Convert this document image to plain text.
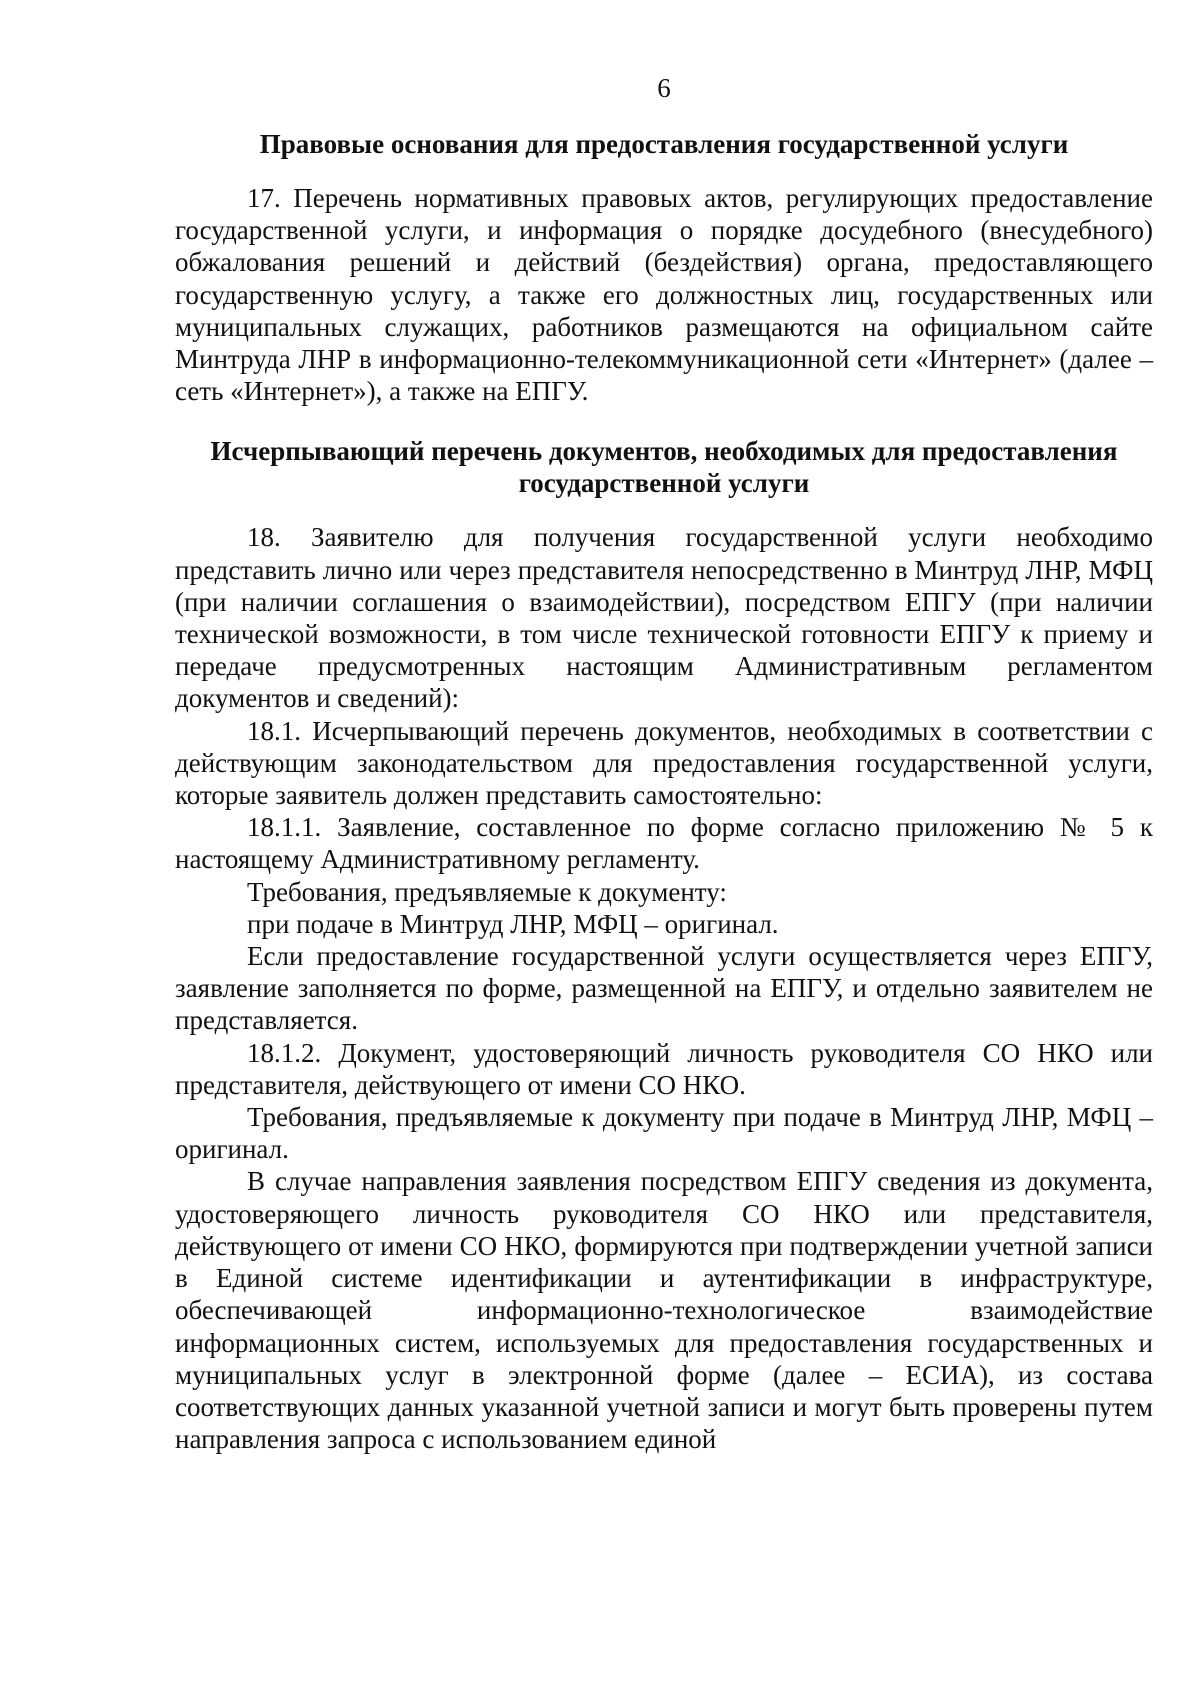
6
Правовые основания для предоставления государственной услуги

17. Перечень нормативных правовых актов, регулирующих предоставление государственной услуги, и информация о порядке досудебного (внесудебного) обжалования решений и действий (бездействия) органа, предоставляющего государственную услугу, а также его должностных лиц, государственных или муниципальных служащих, работников размещаются на официальном сайте Минтруда ЛНР в информационно-телекоммуникационной сети «Интернет» (далее – сеть «Интернет»), а также на ЕПГУ.

Исчерпывающий перечень документов, необходимых для предоставления государственной услуги

18. Заявителю для получения государственной услуги необходимо представить лично или через представителя непосредственно в Минтруд ЛНР, МФЦ (при наличии соглашения о взаимодействии), посредством ЕПГУ (при наличии технической возможности, в том числе технической готовности ЕПГУ к приему и передаче предусмотренных настоящим Административным регламентом документов и сведений):

18.1. Исчерпывающий перечень документов, необходимых в соответствии с действующим законодательством для предоставления государственной услуги, которые заявитель должен представить самостоятельно:

18.1.1. Заявление, составленное по форме согласно приложению № 5 к настоящему Административному регламенту.

Требования, предъявляемые к документу:

при подаче в Минтруд ЛНР, МФЦ – оригинал.

Если предоставление государственной услуги осуществляется через ЕПГУ, заявление заполняется по форме, размещенной на ЕПГУ, и отдельно заявителем не представляется.

18.1.2. Документ, удостоверяющий личность руководителя СО НКО или представителя, действующего от имени СО НКО.

Требования, предъявляемые к документу при подаче в Минтруд ЛНР, МФЦ – оригинал.

В случае направления заявления посредством ЕПГУ сведения из документа, удостоверяющего личность руководителя СО НКО или представителя, действующего от имени СО НКО, формируются при подтверждении учетной записи в Единой системе идентификации и аутентификации в инфраструктуре, обеспечивающей информационно-технологическое взаимодействие информационных систем, используемых для предоставления государственных и муниципальных услуг в электронной форме (далее – ЕСИА), из состава соответствующих данных указанной учетной записи и могут быть проверены путем направления запроса с использованием единой
